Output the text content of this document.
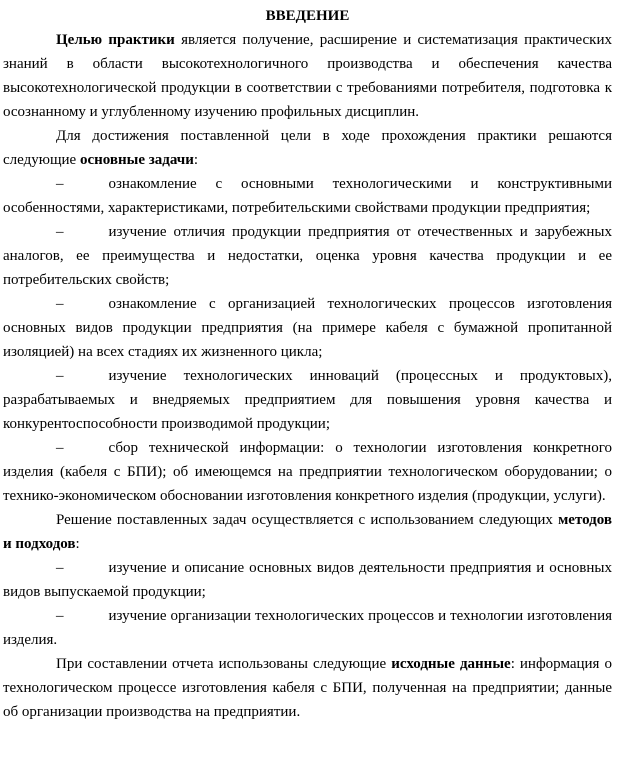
ВВЕДЕНИЕ

Целью практики является получение, расширение и систематизация практических знаний в области высокотехнологичного производства и обеспечения качества высокотехнологической продукции в соответствии с требованиями потребителя, подготовка к осознанному и углубленному изучению профильных дисциплин.

Для достижения поставленной цели в ходе прохождения практики решаются следующие основные задачи:

–	ознакомление с основными технологическими и конструктивными особенностями, характеристиками, потребительскими свойствами продукции предприятия;

–	изучение отличия продукции предприятия от отечественных и зарубежных аналогов, ее преимущества и недостатки, оценка уровня качества продукции и ее потребительских свойств;

–	ознакомление с организацией технологических процессов изготовления основных видов продукции предприятия (на примере кабеля с бумажной пропитанной изоляцией) на всех стадиях их жизненного цикла;

–	изучение технологических инноваций (процессных и продуктовых), разрабатываемых и внедряемых предприятием для повышения уровня качества и конкурентоспособности производимой продукции;

–	сбор технической информации: о технологии изготовления конкретного изделия (кабеля с БПИ); об имеющемся на предприятии технологическом оборудовании; о технико-экономическом обосновании изготовления конкретного изделия (продукции, услуги).

Решение поставленных задач осуществляется с использованием следующих методов и подходов:

–	изучение и описание основных видов деятельности предприятия и основных видов выпускаемой продукции;

–	изучение организации технологических процессов и технологии изготовления изделия.

При составлении отчета использованы следующие исходные данные: информация о технологическом процессе изготовления кабеля с БПИ, полученная на предприятии; данные об организации производства на предприятии.
